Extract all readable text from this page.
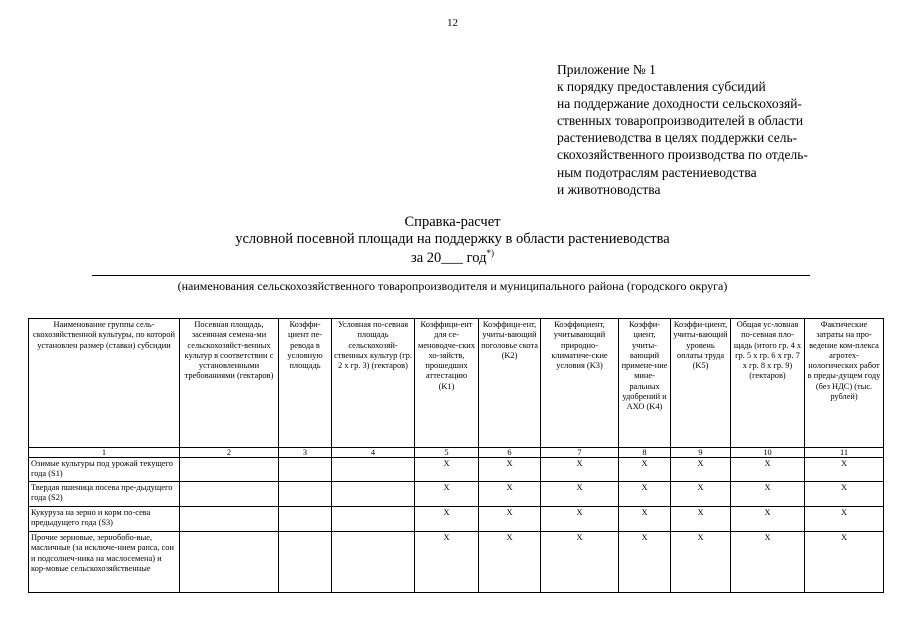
12
Приложение № 1
к порядку предоставления субсидий
на поддержание доходности сельскохозяй-
ственных товаропроизводителей в области
растениеводства в целях поддержки сель-
скохозяйственного производства по отдель-
ным подотраслям растениеводства
и животноводства
Справка-расчет
условной посевной площади на поддержку в области растениеводства
за 20___ год*)
(наименования сельскохозяйственного товаропроизводителя и муниципального района (городского округа)
Наименование группы сель-скохозяйственной культуры, по которой установлен размер (ставки) субсидии	Посевная площадь, засеянная семена-ми сельскохозяйст-венных культур в соответствии с установленными требованиями (гектаров)	Коэффи-циент пе-ревода в условную площадь	Условная по-севная площадь сельскохозяй-ственных культур (гр. 2 х гр. 3) (гектаров)	Коэффици-ент для се-меноводче-ских хо-зяйств, прошедших аттестацию (K1)	Коэффици-ент, учиты-вающий поголовье скота (K2)	Коэффициент, учитывающий природно-климатиче-ские условия (K3)	Коэффи-циент, учиты-вающий примене-ние мине-ральных удобрений и АХО (K4)	Коэффи-циент, учиты-вающий уровень оплаты труда (K5)	Общая ус-ловная по-севная пло-щадь (итого гр. 4 х гр. 5 х гр. 6 х гр. 7 х гр. 8 х гр. 9) (гектаров)	Фактические затраты на про-ведение ком-плекса агротех-нологических работ в преды-дущем году (без НДС) (тыс. рублей)
1	2	3	4	5	6	7	8	9	10	11
Озимые культуры под урожай текущего года (S1)				X	X	X	X	X	X	X
Твердая пшеница посева пре-дыдущего года (S2)				X	X	X	X	X	X	X
Кукуруза на зерно и корм по-сева предыдущего года (S3)				X	X	X	X	X	X	X
Прочие зерновые, зернобобо-вые, масличные (за исключе-нием рапса, сои и подсолнеч-ника на маслосемена) и кор-мовые сельскохозяйственные				X	X	X	X	X	X	X
